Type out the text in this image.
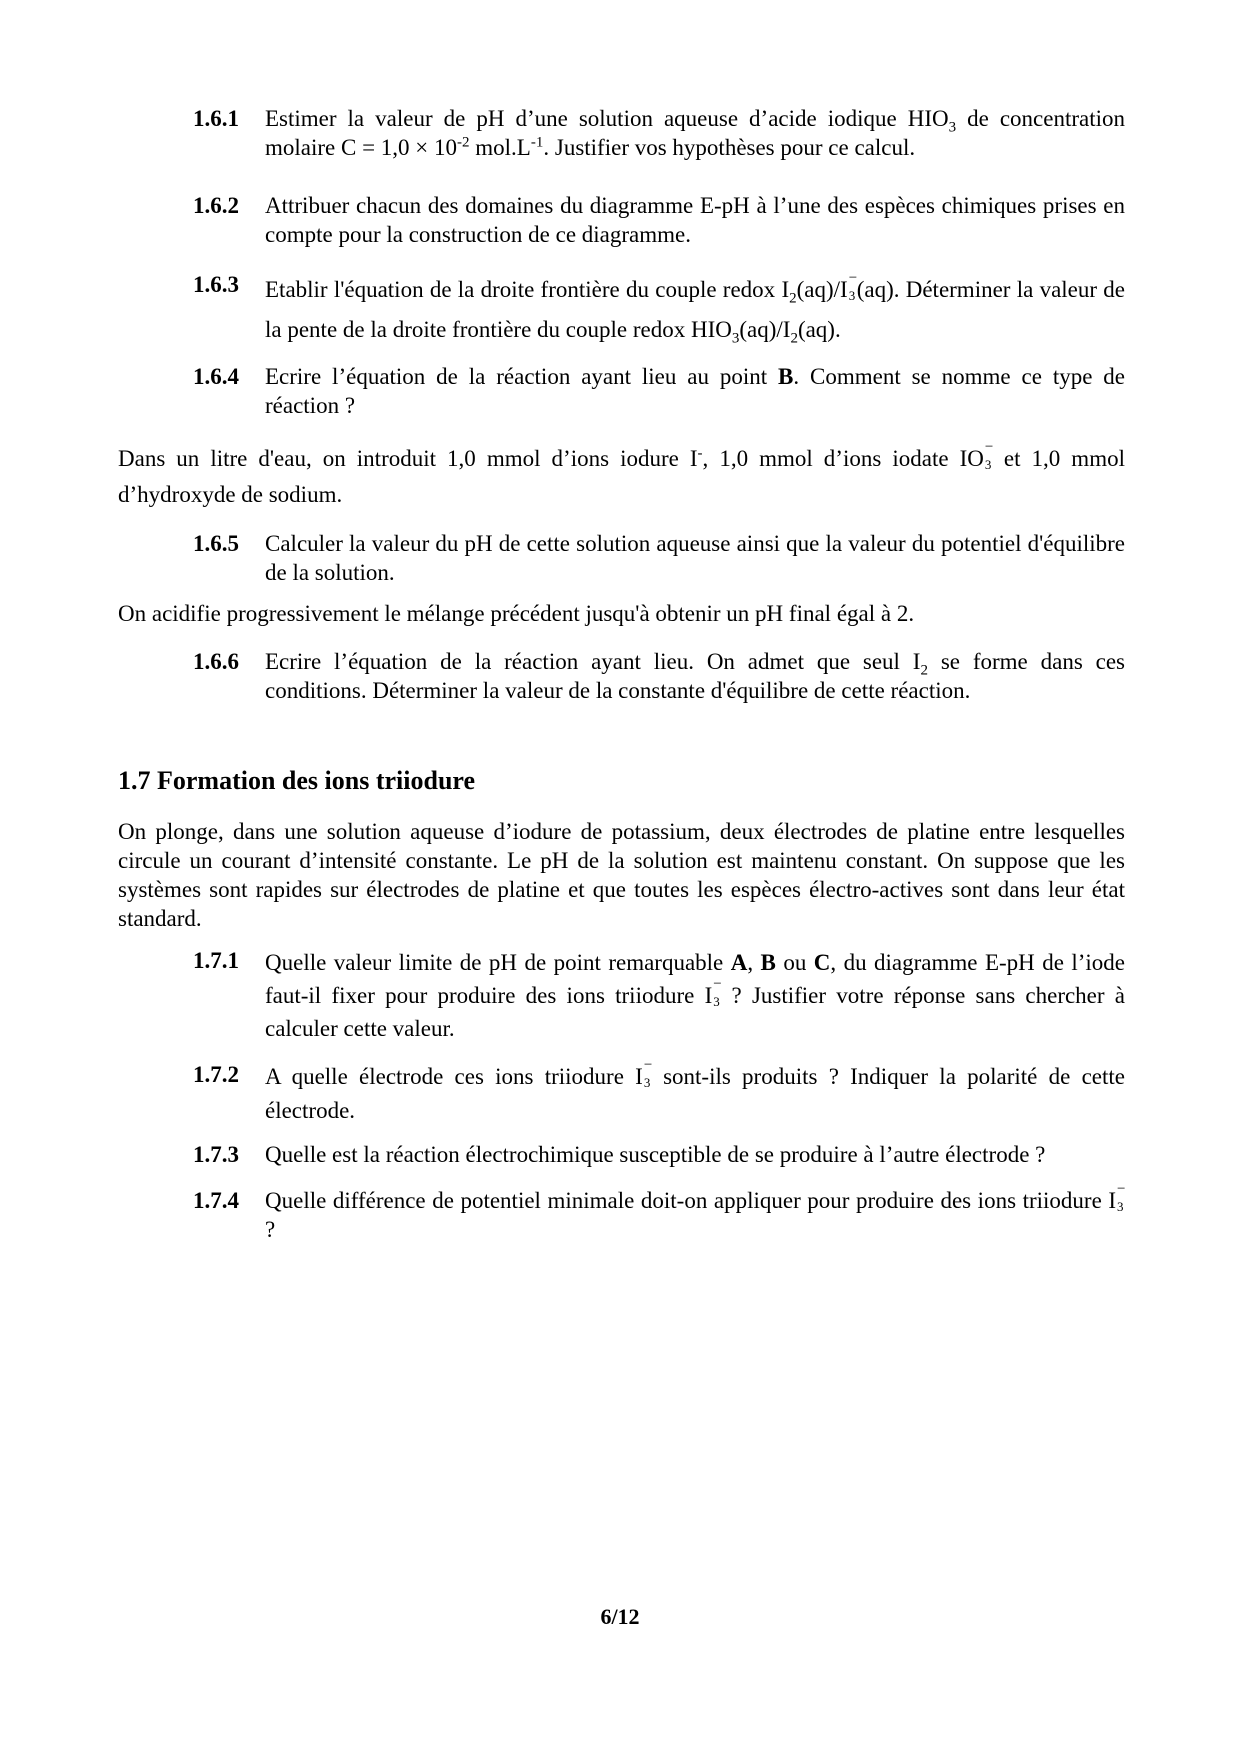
1.6.1	Estimer la valeur de pH d’une solution aqueuse d’acide iodique $HIO_3$ de concentration molaire $C = 1,0 \times 10^{-2}$ $mol.L^{-1}$. Justifier vos hypothèses pour ce calcul.
1.6.2	Attribuer chacun des domaines du diagramme E-pH à l’une des espèces chimiques prises en compte pour la construction de ce diagramme.
1.6.3	Etablir l'équation de la droite frontière du couple redox $I_2(aq)/I$ −
3 (aq). Déterminer la valeur de la pente de la droite frontière du couple redox $HIO_3(aq)/I_2(aq)$.
1.6.4	Ecrire l’équation de la réaction ayant lieu au point B. Comment se nomme ce type de réaction ?
Dans un litre d'eau, on introduit 1,0 mmol d’ions iodure I-, 1,0 mmol d’ions iodate IO −
3 et 1,0 mmol d’hydroxyde de sodium.
1.6.5	Calculer la valeur du pH de cette solution aqueuse ainsi que la valeur du potentiel d'équilibre de la solution.
On acidifie progressivement le mélange précédent jusqu'à obtenir un pH final égal à 2.
1.6.6	Ecrire l’équation de la réaction ayant lieu. On admet que seul $I_2$ se forme dans ces conditions. Déterminer la valeur de la constante d'équilibre de cette réaction.
1.7 Formation des ions triiodure
On plonge, dans une solution aqueuse d’iodure de potassium, deux électrodes de platine entre lesquelles circule un courant d’intensité constante. Le pH de la solution est maintenu constant. On suppose que les systèmes sont rapides sur électrodes de platine et que toutes les espèces électro-actives sont dans leur état standard.
1.7.1	Quelle valeur limite de pH de point remarquable A, B ou C, du diagramme E-pH de l’iode faut-il fixer pour produire des ions triiodure I −
3 ? Justifier votre réponse sans chercher à calculer cette valeur.
1.7.2	A quelle électrode ces ions triiodure I −
3 sont-ils produits ? Indiquer la polarité de cette électrode.
1.7.3	Quelle est la réaction électrochimique susceptible de se produire à l’autre électrode ?
1.7.4	Quelle différence de potentiel minimale doit-on appliquer pour produire des ions triiodure I −
3
?
6/12
